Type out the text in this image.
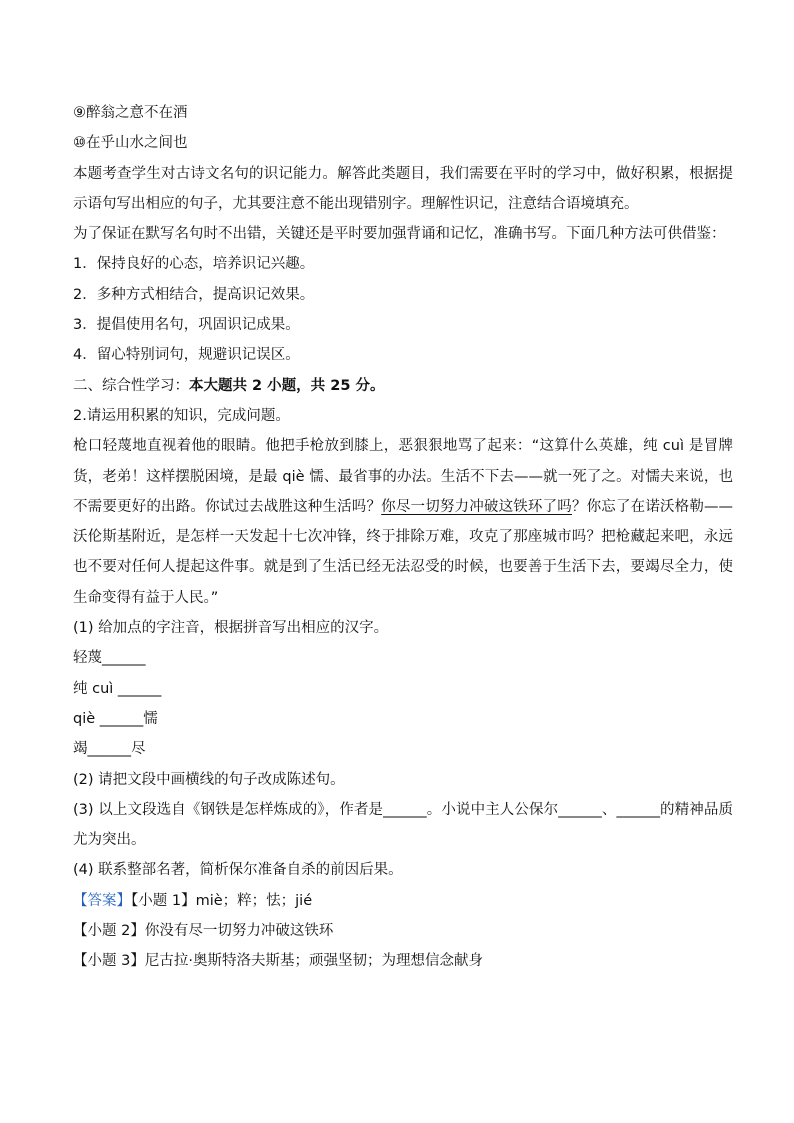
⑨醉翁之意不在酒
⑩在乎山水之间也
本题考查学生对古诗文名句的识记能力。解答此类题目，我们需要在平时的学习中，做好积累，根据提示语句写出相应的句子，尤其要注意不能出现错别字。理解性识记，注意结合语境填充。
为了保证在默写名句时不出错，关键还是平时要加强背诵和记忆，准确书写。下面几种方法可供借鉴：
1．保持良好的心态，培养识记兴趣。
2．多种方式相结合，提高识记效果。
3．提倡使用名句，巩固识记成果。
4．留心特别词句，规避识记误区。
二、综合性学习：本大题共 2 小题，共 25 分。
2.请运用积累的知识，完成问题。
枪口轻蔑地直视着他的眼睛。他把手枪放到膝上，恶狠狠地骂了起来：“这算什么英雄，纯 cuì 是冒牌货，老弟！这样摆脱困境，是最 qiè 懦、最省事的办法。生活不下去——就一死了之。对懦夫来说，也不需要更好的出路。你试过去战胜这种生活吗？你尽一切努力冲破这铁环了吗？你忘了在诺沃格勒——沃伦斯基附近，是怎样一天发起十七次冲锋，终于排除万难，攻克了那座城市吗？把枪藏起来吧，永远也不要对任何人提起这件事。就是到了生活已经无法忍受的时候，也要善于生活下去，要竭尽全力，使生命变得有益于人民。”
(1) 给加点的字注音，根据拼音写出相应的汉字。
轻蔑______
纯 cuì ______
qiè ______懦
竭______尽
(2) 请把文段中画横线的句子改成陈述句。
(3) 以上文段选自《钢铁是怎样炼成的》，作者是______。小说中主人公保尔______、______的精神品质尤为突出。
(4) 联系整部名著，简析保尔准备自杀的前因后果。
【答案】【小题 1】miè；粹；怯；jié
【小题 2】你没有尽一切努力冲破这铁环
【小题 3】尼古拉·奥斯特洛夫斯基；顽强坚韧；为理想信念献身
